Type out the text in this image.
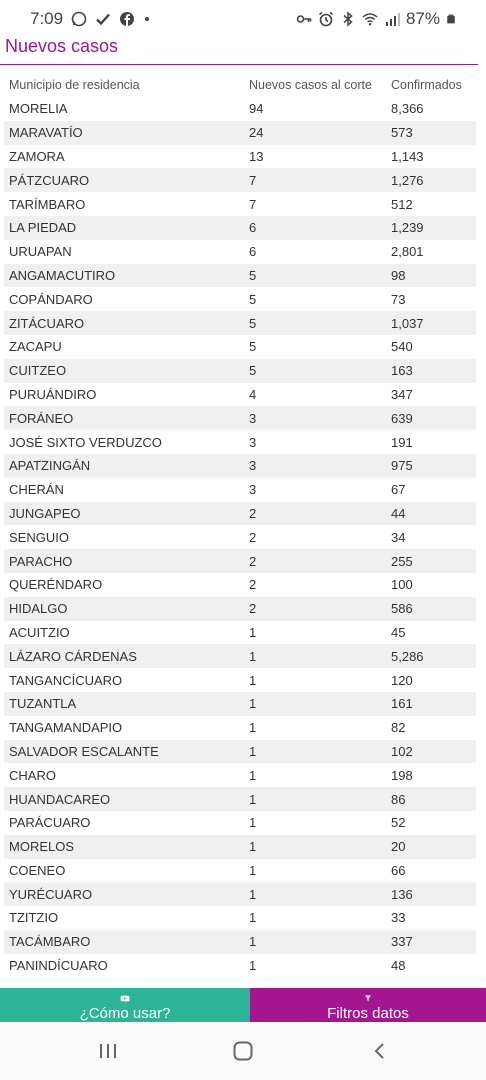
7:09	87%
Nuevos casos
Municipio de residencia	Nuevos casos al corte	Confirmados
MORELIA	94	8,366
MARAVATÍO	24	573
ZAMORA	13	1,143
PÁTZCUARO	7	1,276
TARÍMBARO	7	512
LA PIEDAD	6	1,239
URUAPAN	6	2,801
ANGAMACUTIRO	5	98
COPÁNDARO	5	73
ZITÁCUARO	5	1,037
ZACAPU	5	540
CUITZEO	5	163
PURUÁNDIRO	4	347
FORÁNEO	3	639
JOSÉ SIXTO VERDUZCO	3	191
APATZINGÁN	3	975
CHERÁN	3	67
JUNGAPEO	2	44
SENGUIO	2	34
PARACHO	2	255
QUERÉNDARO	2	100
HIDALGO	2	586
ACUITZIO	1	45
LÁZARO CÁRDENAS	1	5,286
TANGANCÍCUARO	1	120
TUZANTLA	1	161
TANGAMANDAPIO	1	82
SALVADOR ESCALANTE	1	102
CHARO	1	198
HUANDACAREO	1	86
PARÁCUARO	1	52
MORELOS	1	20
COENEO	1	66
YURÉCUARO	1	136
TZITZIO	1	33
TACÁMBARO	1	337
PANINDÍCUARO	1	48
¿Cómo usar?	Filtros datos
